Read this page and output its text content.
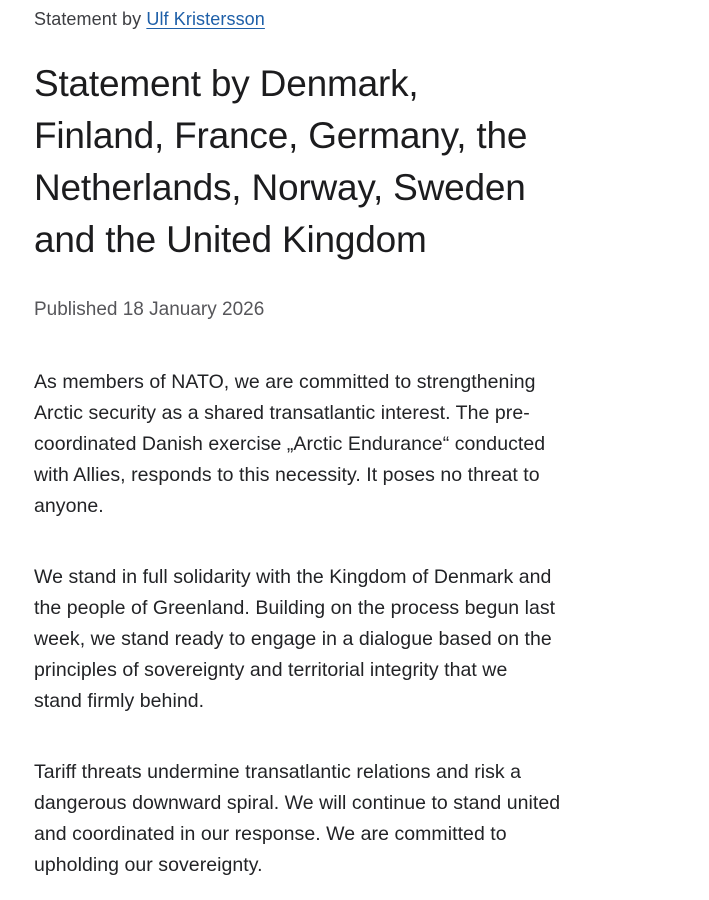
Statement by Ulf Kristersson
Statement by Denmark,
Finland, France, Germany, the
Netherlands, Norway, Sweden
and the United Kingdom
Published 18 January 2026

As members of NATO, we are committed to strengthening
Arctic security as a shared transatlantic interest. The pre-
coordinated Danish exercise „Arctic Endurance“ conducted
with Allies, responds to this necessity. It poses no threat to
anyone.

We stand in full solidarity with the Kingdom of Denmark and
the people of Greenland. Building on the process begun last
week, we stand ready to engage in a dialogue based on the
principles of sovereignty and territorial integrity that we
stand firmly behind.

Tariff threats undermine transatlantic relations and risk a
dangerous downward spiral. We will continue to stand united
and coordinated in our response. We are committed to
upholding our sovereignty.
